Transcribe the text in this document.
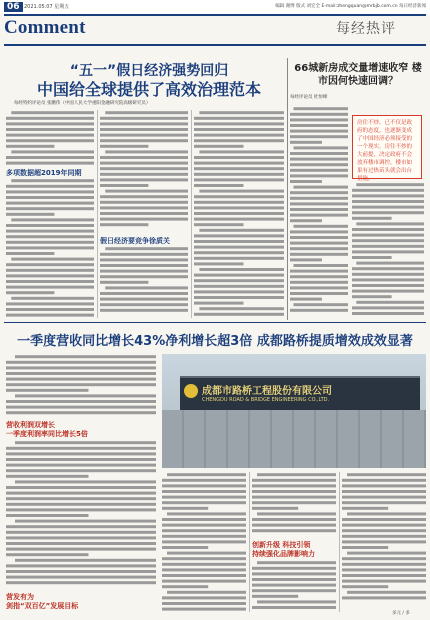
06 2021.05.07 星期五	编辑 谢博 版式 刘宏全 E-mail:zhengquan@mrbjb.com.cn 每日经济新闻
Comment	每经热评
“五一”假日经济强势回归
中国给全球提供了高效治理范本
每经特约评论员 张鹏伟（中国人民大学重阳金融研究院高级研究员）
多项数据超2019年同期
假日经济要竞争徐质关
66城新房成交量增速收窄 楼市因何快速回调？
每经评论员 杜恒峰
房住不炒、已不仅是政府的态度，也逐渐变成了中国经济必须接受的一个现实。房住不炒的大前提，决定政府不会放弃楼市调控，楼市如果有过热苗头就会出台措施。
一季度营收同比增长43%净利增长超3倍 成都路桥提质增效成效显著
营收利润双增长
一季度利润率同比增长5倍
营发有为
剑指“双百亿”发展目标
成都市路桥工程股份有限公司
CHENGDU ROAD & BRIDGE ENGINEERING CO.,LTD.
创新升级 科技引领
持续强化品牌影响力
多元 / 多
